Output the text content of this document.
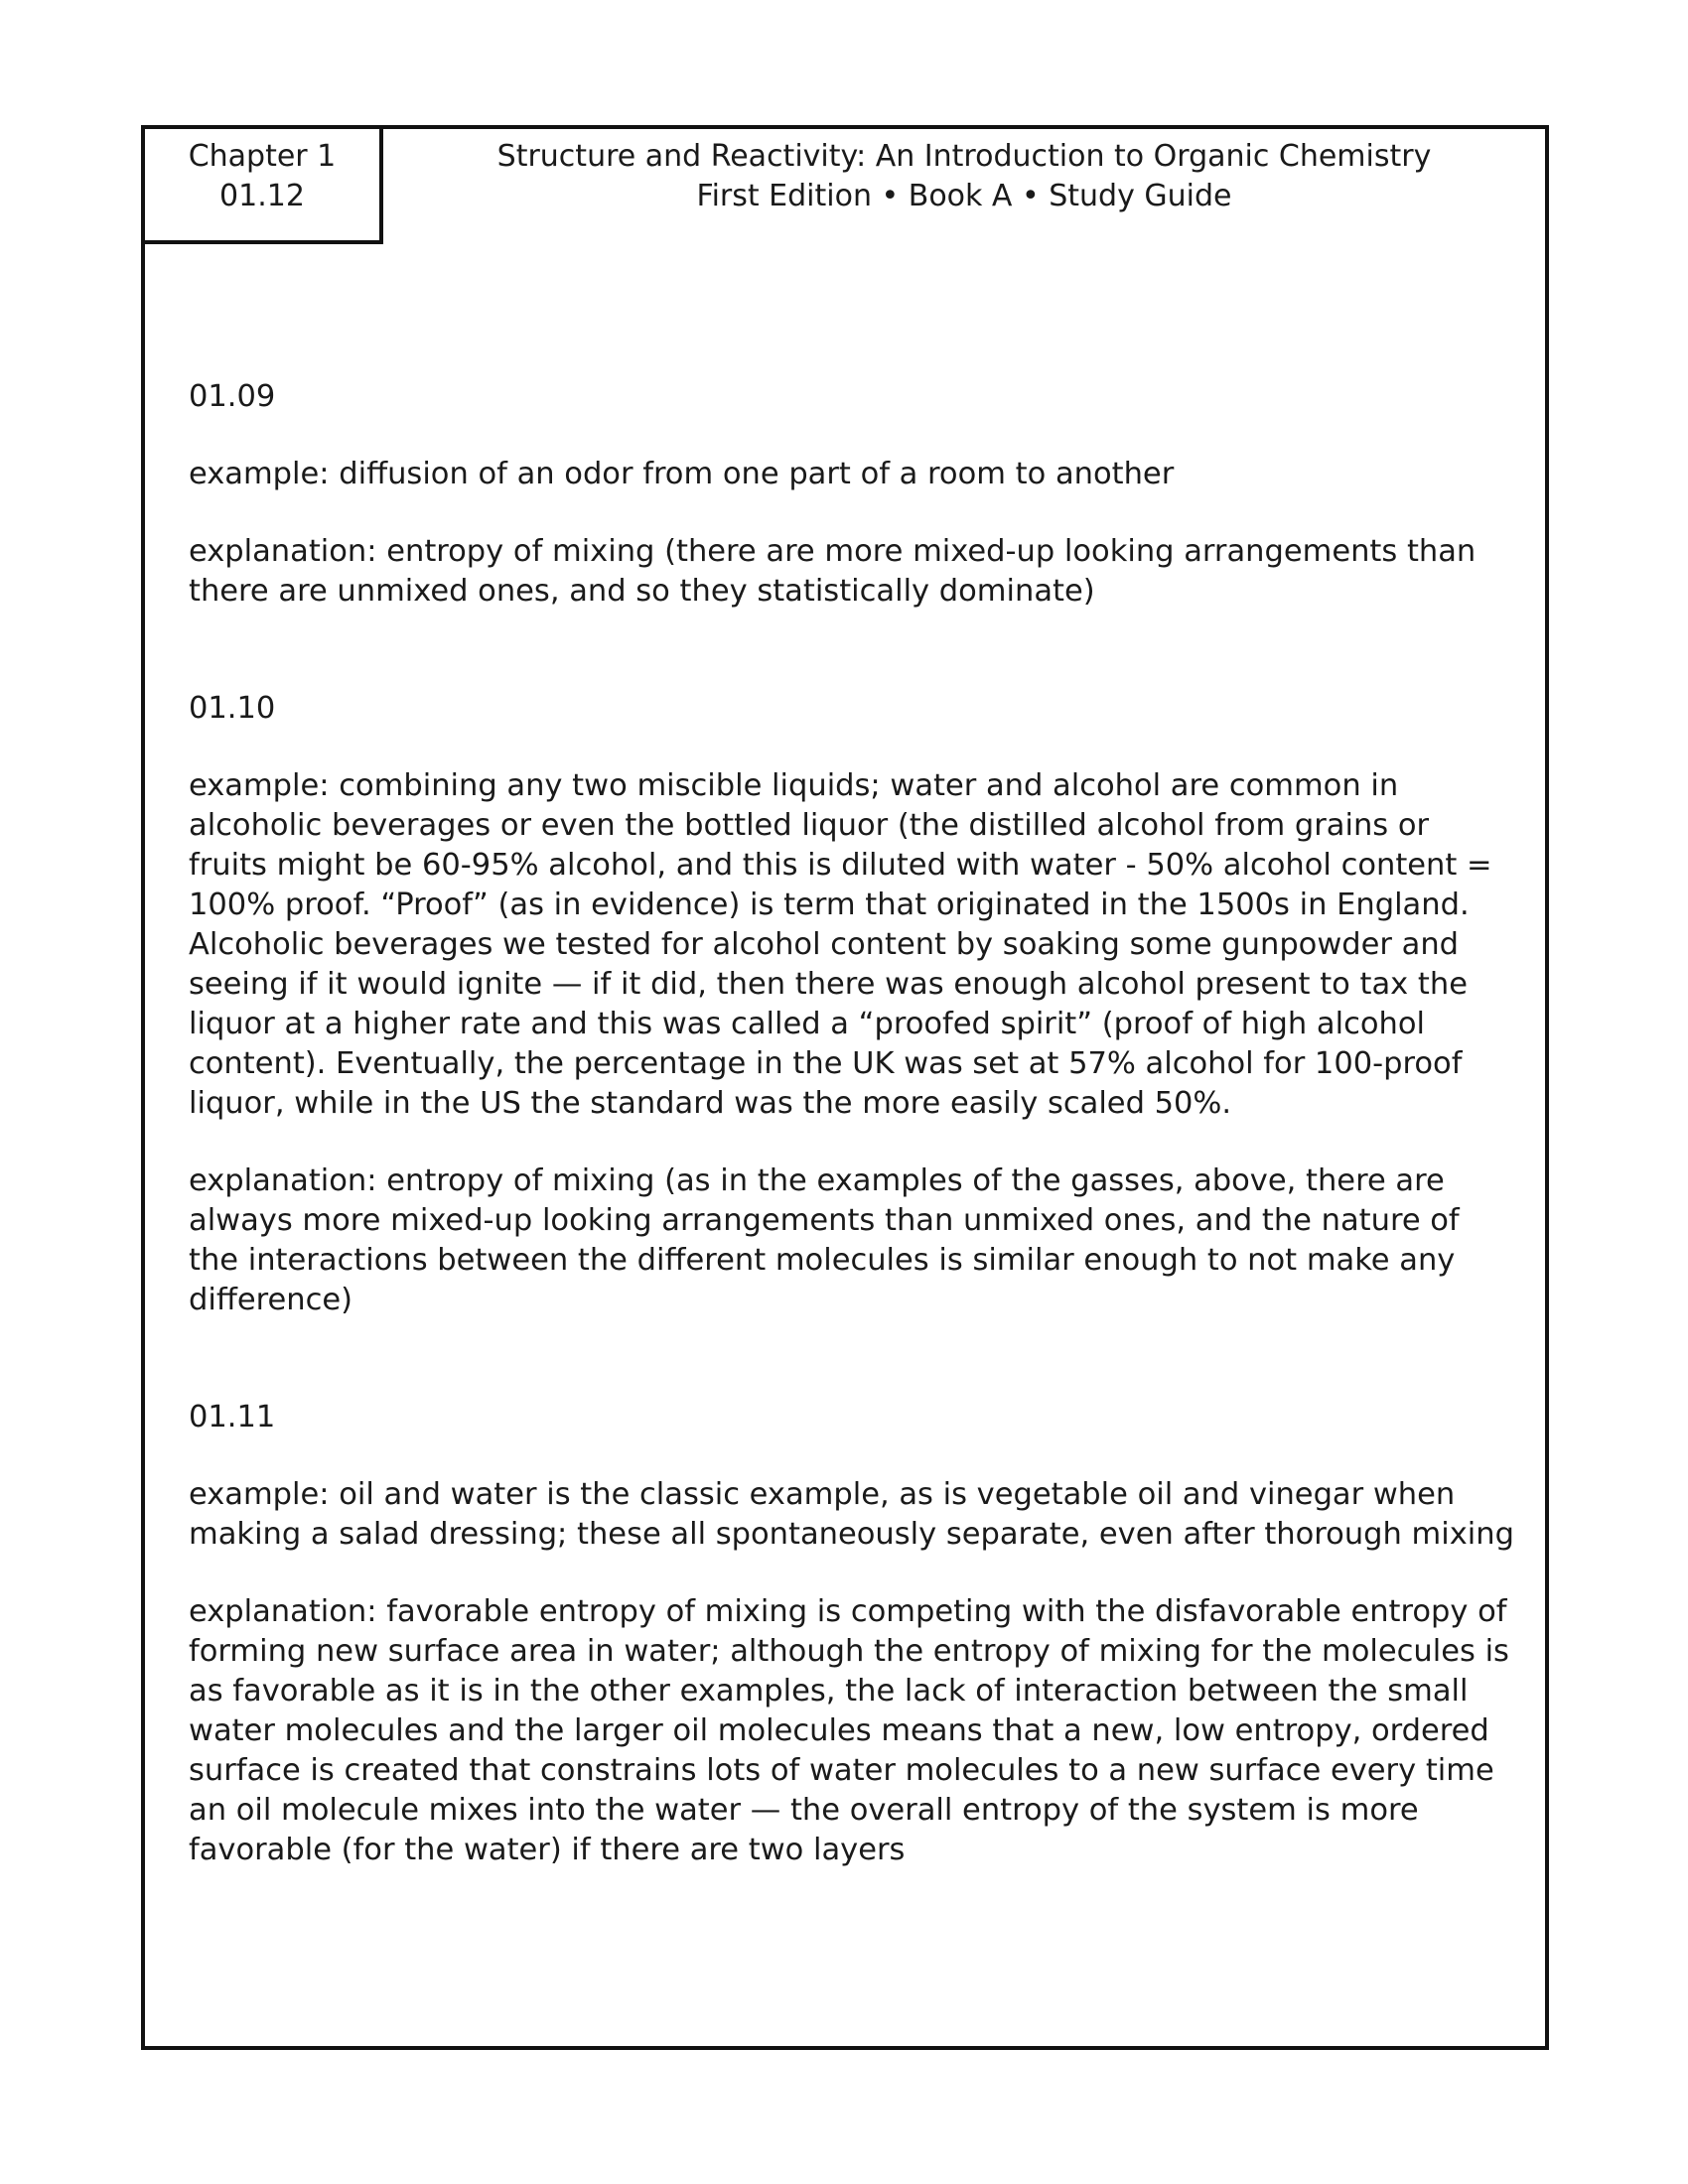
Chapter 1
01.12
Structure and Reactivity: An Introduction to Organic Chemistry
First Edition • Book A • Study Guide

01.09

example: diffusion of an odor from one part of a room to another

explanation: entropy of mixing (there are more mixed-up looking arrangements than there are unmixed ones, and so they statistically dominate)

01.10

example: combining any two miscible liquids; water and alcohol are common in alcoholic beverages or even the bottled liquor (the distilled alcohol from grains or fruits might be 60-95% alcohol, and this is diluted with water - 50% alcohol content = 100% proof. “Proof” (as in evidence) is term that originated in the 1500s in England. Alcoholic beverages we tested for alcohol content by soaking some gunpowder and seeing if it would ignite — if it did, then there was enough alcohol present to tax the liquor at a higher rate and this was called a “proofed spirit” (proof of high alcohol content). Eventually, the percentage in the UK was set at 57% alcohol for 100-proof liquor, while in the US the standard was the more easily scaled 50%.

explanation: entropy of mixing (as in the examples of the gasses, above, there are always more mixed-up looking arrangements than unmixed ones, and the nature of the interactions between the different molecules is similar enough to not make any difference)

01.11

example: oil and water is the classic example, as is vegetable oil and vinegar when making a salad dressing; these all spontaneously separate, even after thorough mixing

explanation: favorable entropy of mixing is competing with the disfavorable entropy of forming new surface area in water; although the entropy of mixing for the molecules is as favorable as it is in the other examples, the lack of interaction between the small water molecules and the larger oil molecules means that a new, low entropy, ordered surface is created that constrains lots of water molecules to a new surface every time an oil molecule mixes into the water — the overall entropy of the system is more favorable (for the water) if there are two layers
